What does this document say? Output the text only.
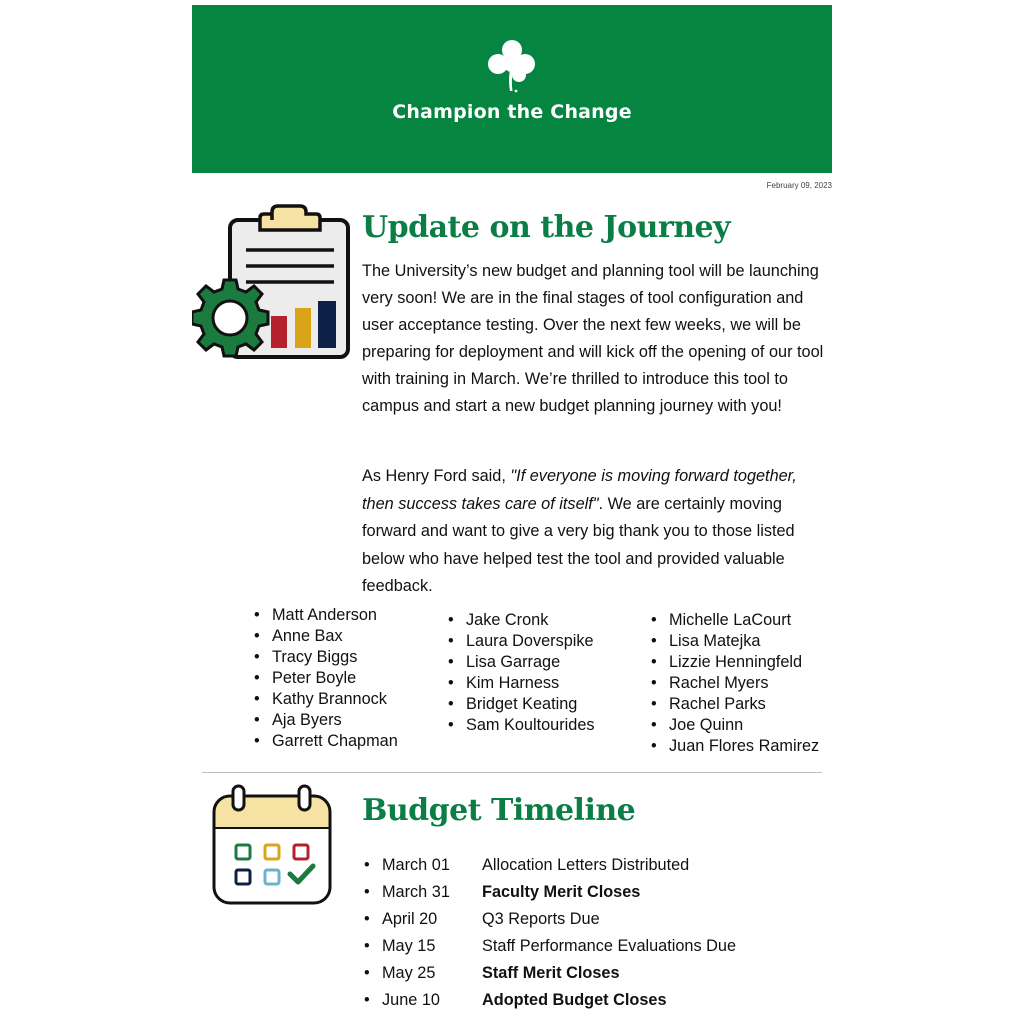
Champion the Change
February 09, 2023
Update on the Journey
The University’s new budget and planning tool will be launching very soon! We are in the final stages of tool configuration and user acceptance testing. Over the next few weeks, we will be preparing for deployment and will kick off the opening of our tool with training in March. We’re thrilled to introduce this tool to campus and start a new budget planning journey with you!
As Henry Ford said, "If everyone is moving forward together, then success takes care of itself". We are certainly moving forward and want to give a very big thank you to those listed below who have helped test the tool and provided valuable feedback.
• Matt Anderson
• Anne Bax
• Tracy Biggs
• Peter Boyle
• Kathy Brannock
• Aja Byers
• Garrett Chapman
• Jake Cronk
• Laura Doverspike
• Lisa Garrage
• Kim Harness
• Bridget Keating
• Sam Koultourides
• Michelle LaCourt
• Lisa Matejka
• Lizzie Henningfeld
• Rachel Myers
• Rachel Parks
• Joe Quinn
• Juan Flores Ramirez
Budget Timeline
• March 01 Allocation Letters Distributed
• March 31 Faculty Merit Closes
• April 20	Q3 Reports Due
• May 15	Staff Performance Evaluations Due
• May 25	Staff Merit Closes
• June 10	Adopted Budget Closes
